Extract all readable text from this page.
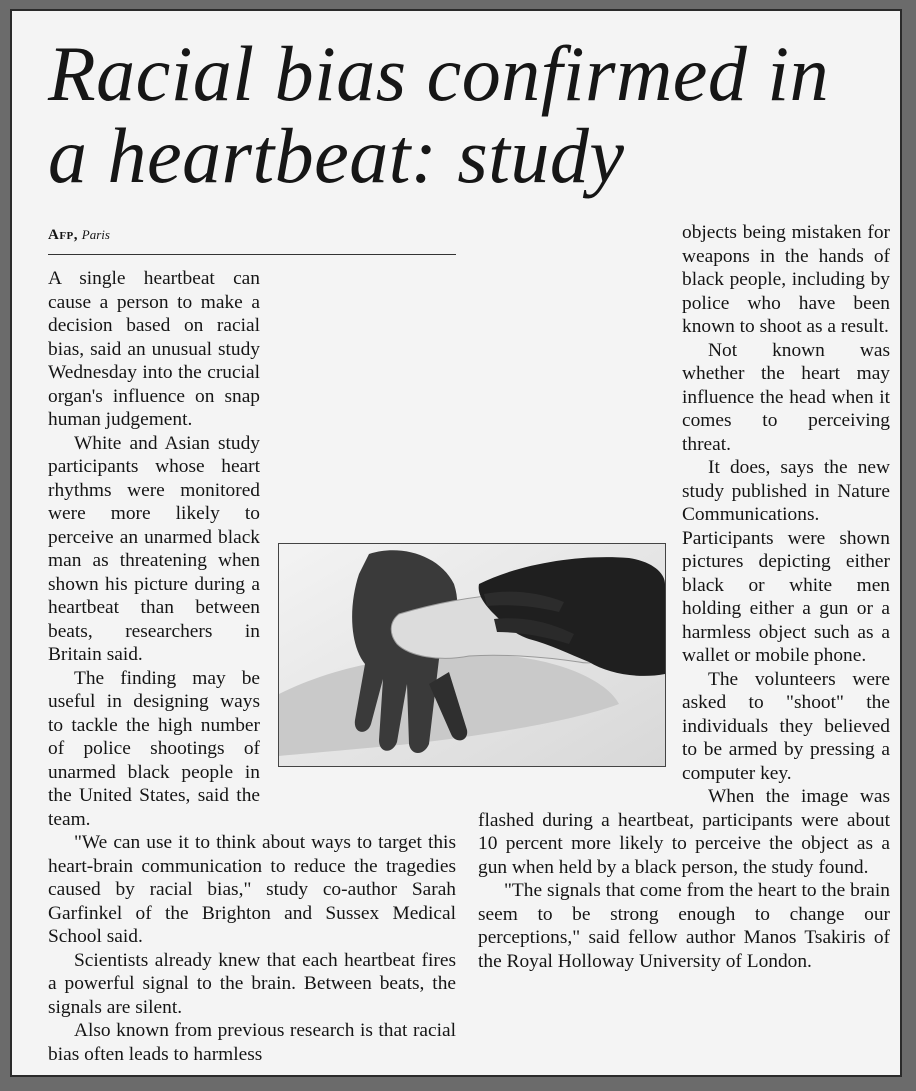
Racial bias confirmed in a heartbeat: study
Afp, Paris

A single heartbeat can cause a person to make a decision based on racial bias, said an unusual study Wednesday into the crucial organ's influence on snap human judgement.

White and Asian study participants whose heart rhythms were monitored were more likely to perceive an unarmed black man as threatening when shown his picture during a heartbeat than between beats, researchers in Britain said.

The finding may be useful in designing ways to tackle the high number of police shootings of unarmed black people in the United States, said the team.

"We can use it to think about ways to target this heart-brain communication to reduce the tragedies caused by racial bias," study co-author Sarah Garfinkel of the Brighton and Sussex Medical School said.

Scientists already knew that each heartbeat fires a powerful signal to the brain. Between beats, the signals are silent.

Also known from previous research is that racial bias often leads to harmless

objects being mistaken for weapons in the hands of black people, including by police who have been known to shoot as a result.

Not known was whether the heart may influence the head when it comes to perceiving threat.

It does, says the new study published in Nature Communications. Participants were shown pictures depicting either black or white men holding either a gun or a harmless object such as a wallet or mobile phone.

The volunteers were asked to "shoot" the individuals they believed to be armed by pressing a computer key.

When the image was flashed during a heartbeat, participants were about 10 percent more likely to perceive the object as a gun when held by a black person, the study found.

"The signals that come from the heart to the brain seem to be strong enough to change our perceptions," said fellow author Manos Tsakiris of the Royal Holloway University of London.
